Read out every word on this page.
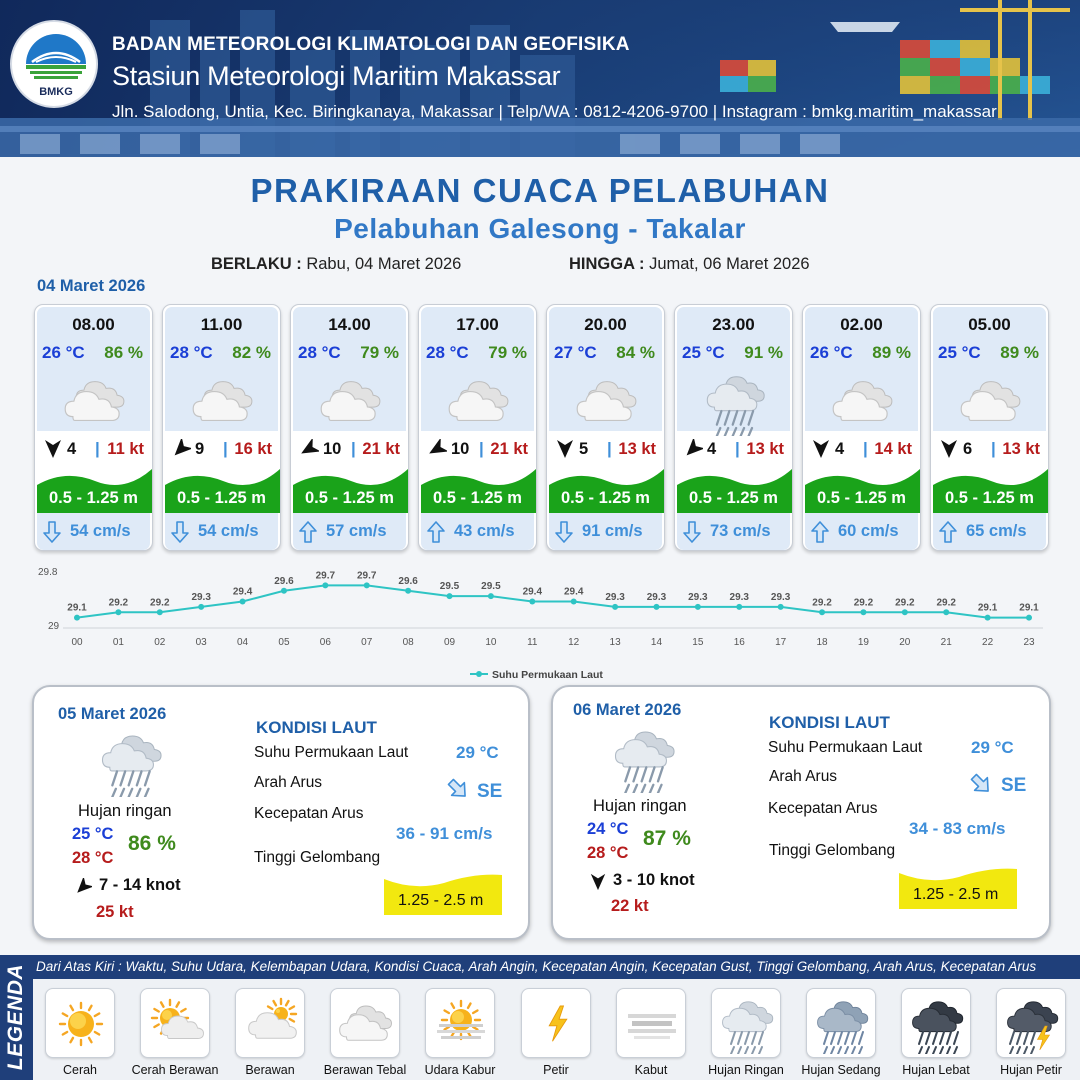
BMKG
BADAN METEOROLOGI KLIMATOLOGI DAN GEOFISIKA
Stasiun Meteorologi Maritim Makassar
Jln. Salodong, Untia, Kec. Biringkanaya, Makassar | Telp/WA : 0812-4206-9700 | Instagram : bmkg.maritim_makassar
PRAKIRAAN CUACA PELABUHAN
Pelabuhan Galesong - Takalar
BERLAKU : Rabu, 04 Maret 2026	HINGGA : Jumat, 06 Maret 2026
04 Maret 2026
08.00
26 °C 86 %
4 | 11 kt
0.5 - 1.25 m
54 cm/s
11.00
28 °C 82 %
9 | 16 kt
0.5 - 1.25 m
54 cm/s
14.00
28 °C 79 %
10 | 21 kt
0.5 - 1.25 m
57 cm/s
17.00
28 °C 79 %
10 | 21 kt
0.5 - 1.25 m
43 cm/s
20.00
27 °C 84 %
5 | 13 kt
0.5 - 1.25 m
91 cm/s
23.00
25 °C 91 %
4 | 13 kt
0.5 - 1.25 m
73 cm/s
02.00
26 °C 89 %
4 | 14 kt
0.5 - 1.25 m
60 cm/s
05.00
25 °C 89 %
6 | 13 kt
0.5 - 1.25 m
65 cm/s
29.8
29
29.1
00
29.2
01
29.2
02
29.3
03
29.4
04
29.6
05
29.7
06
29.7
07
29.6
08
29.5
09
29.5
10
29.4
11
29.4
12
29.3
13
29.3
14
29.3
15
29.3
16
29.3
17
29.2
18
29.2
19
29.2
20
29.2
21
29.1
22
29.1
23
Suhu Permukaan Laut
05 Maret 2026
Hujan ringan
25 °C
28 °C
86 %
7 - 14 knot
25 kt
KONDISI LAUT
Suhu Permukaan Laut	29 °C
Arah Arus	SE
Kecepatan Arus
36 - 91 cm/s
Tinggi Gelombang
1.25 - 2.5 m
06 Maret 2026
Hujan ringan
24 °C
28 °C
87 %
3 - 10 knot
22 kt
KONDISI LAUT
Suhu Permukaan Laut	29 °C
Arah Arus	SE
Kecepatan Arus
34 - 83 cm/s
Tinggi Gelombang
1.25 - 2.5 m
LEGENDA Dari Atas Kiri : Waktu, Suhu Udara, Kelembapan Udara, Kondisi Cuaca, Arah Angin, Kecepatan Angin, Kecepatan Gust, Tinggi Gelombang, Arah Arus, Kecepatan Arus
Cerah	Cerah Berawan	Berawan	Berawan Tebal	Udara Kabur	Petir	Kabut	Hujan Ringan	Hujan Sedang	Hujan Lebat	Hujan Petir
